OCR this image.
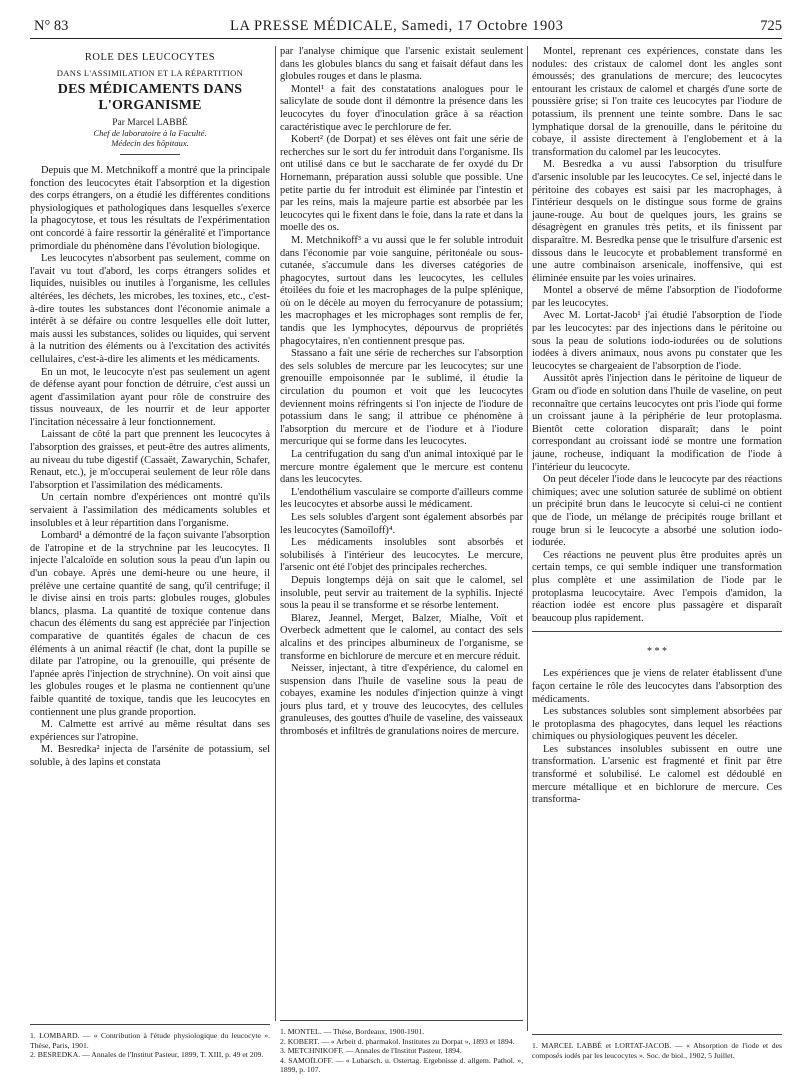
N° 83	LA PRESSE MÉDICALE, Samedi, 17 Octobre 1903	725
ROLE DES LEUCOCYTES
DANS L'ASSIMILATION ET LA RÉPARTITION
DES MÉDICAMENTS DANS L'ORGANISME
Par Marcel LABBÉ
Chef de laboratoire à la Faculté.
Médecin des hôpitaux.

Depuis que M. Metchnikoff a montré que la principale fonction des leucocytes était l'absorption et la digestion des corps étrangers, on a étudié les différentes conditions physiologiques et pathologiques dans lesquelles s'exerce la phagocytose, et tous les résultats de l'expérimentation ont concordé à faire ressortir la généralité et l'importance primordiale du phénomène dans l'évolution biologique.

Les leucocytes n'absorbent pas seulement, comme on l'avait vu tout d'abord, les corps étrangers solides et liquides, nuisibles ou inutiles à l'organisme, les cellules altérées, les déchets, les microbes, les toxines, etc., c'est-à-dire toutes les substances dont l'économie animale a intérêt à se défaire ou contre lesquelles elle doit lutter, mais aussi les substances, solides ou liquides, qui servent à la nutrition des éléments ou à l'excitation des activités cellulaires, c'est-à-dire les aliments et les médicaments.

En un mot, le leucocyte n'est pas seulement un agent de défense ayant pour fonction de détruire, c'est aussi un agent d'assimilation ayant pour rôle de construire des tissus nouveaux, de les nourrir et de leur apporter l'incitation nécessaire à leur fonctionnement.

Laissant de côté la part que prennent les leucocytes à l'absorption des graisses, et peut-être des autres aliments, au niveau du tube digestif (Cassaët, Zawarychin, Schafer, Renaut, etc.), je m'occuperai seulement de leur rôle dans l'absorption et l'assimilation des médicaments.

Un certain nombre d'expériences ont montré qu'ils servaient à l'assimilation des médicaments solubles et insolubles et à leur répartition dans l'organisme.

Lombard¹ a démontré de la façon suivante l'absorption de l'atropine et de la strychnine par les leucocytes. Il injecte l'alcaloïde en solution sous la peau d'un lapin ou d'un cobaye. Après une demi-heure ou une heure, il prélève une certaine quantité de sang, qu'il centrifuge; il le divise ainsi en trois parts: globules rouges, globules blancs, plasma. La quantité de toxique contenue dans chacun des éléments du sang est appréciée par l'injection comparative de quantités égales de chacun de ces éléments à un animal réactif (le chat, dont la pupille se dilate par l'atropine, ou la grenouille, qui présente de l'apnée après l'injection de strychnine). On voit ainsi que les globules rouges et le plasma ne contiennent qu'une faible quantité de toxique, tandis que les leucocytes en contiennent une plus grande proportion.

M. Calmette est arrivé au même résultat dans ses expériences sur l'atropine.

M. Besredka² injecta de l'arsénite de potassium, sel soluble, à des lapins et constata

par l'analyse chimique que l'arsenic existait seulement dans les globules blancs du sang et faisait défaut dans les globules rouges et dans le plasma.

Montel¹ a fait des constatations analogues pour le salicylate de soude dont il démontre la présence dans les leucocytes du foyer d'inoculation grâce à sa réaction caractéristique avec le perchlorure de fer.

Kobert² (de Dorpat) et ses élèves ont fait une série de recherches sur le sort du fer introduit dans l'organisme. Ils ont utilisé dans ce but le saccharate de fer oxydé du Dr Hornemann, préparation aussi soluble que possible. Une petite partie du fer introduit est éliminée par l'intestin et par les reins, mais la majeure partie est absorbée par les leucocytes qui le fixent dans le foie, dans la rate et dans la moelle des os.

M. Metchnikoff³ a vu aussi que le fer soluble introduit dans l'économie par voie sanguine, péritonéale ou sous-cutanée, s'accumule dans les diverses catégories de phagocytes, surtout dans les leucocytes, les cellules étoilées du foie et les macrophages de la pulpe splénique, où on le décèle au moyen du ferrocyanure de potassium; les macrophages et les microphages sont remplis de fer, tandis que les lymphocytes, dépourvus de propriétés phagocytaires, n'en contiennent presque pas.

Stassano a fait une série de recherches sur l'absorption des sels solubles de mercure par les leucocytes; sur une grenouille empoisonnée par le sublimé, il étudie la circulation du poumon et voit que les leucocytes deviennent moins réfringents si l'on injecte de l'iodure de potassium dans le sang; il attribue ce phénomène à l'absorption du mercure et de l'iodure et à l'iodure mercurique qui se forme dans les leucocytes.

La centrifugation du sang d'un animal intoxiqué par le mercure montre également que le mercure est contenu dans les leucocytes.

L'endothélium vasculaire se comporte d'ailleurs comme les leucocytes et absorbe aussi le médicament.

Les sels solubles d'argent sont également absorbés par les leucocytes (Samoïloff)⁴.

Les médicaments insolubles sont absorbés et solubilisés à l'intérieur des leucocytes. Le mercure, l'arsenic ont été l'objet des principales recherches.

Depuis longtemps déjà on sait que le calomel, sel insoluble, peut servir au traitement de la syphilis. Injecté sous la peau il se transforme et se résorbe lentement.

Blarez, Jeannel, Merget, Balzer, Mialhe, Voït et Overbeck admettent que le calomel, au contact des sels alcalins et des principes albumineux de l'organisme, se transforme en bichlorure de mercure et en mercure réduit.

Neisser, injectant, à titre d'expérience, du calomel en suspension dans l'huile de vaseline sous la peau de cobayes, examine les nodules d'injection quinze à vingt jours plus tard, et y trouve des leucocytes, des cellules granuleuses, des gouttes d'huile de vaseline, des vaisseaux thrombosés et infiltrés de granulations noires de mercure.

Montel, reprenant ces expériences, constate dans les nodules: des cristaux de calomel dont les angles sont émoussés; des granulations de mercure; des leucocytes entourant les cristaux de calomel et chargés d'une sorte de poussière grise; si l'on traite ces leucocytes par l'iodure de potassium, ils prennent une teinte sombre. Dans le sac lymphatique dorsal de la grenouille, dans le péritoine du cobaye, il assiste directement à l'englobement et à la transformation du calomel par les leucocytes.

M. Besredka a vu aussi l'absorption du trisulfure d'arsenic insoluble par les leucocytes. Ce sel, injecté dans le péritoine des cobayes est saisi par les macrophages, à l'intérieur desquels on le distingue sous forme de grains jaune-rouge. Au bout de quelques jours, les grains se désagrègent en granules très petits, et ils finissent par disparaître. M. Besredka pense que le trisulfure d'arsenic est dissous dans le leucocyte et probablement transformé en une autre combinaison arsenicale, inoffensive, qui est éliminée ensuite par les voies urinaires.

Montel a observé de même l'absorption de l'iodoforme par les leucocytes.

Avec M. Lortat-Jacob¹ j'ai étudié l'absorption de l'iode par les leucocytes: par des injections dans le péritoine ou sous la peau de solutions iodo-iodurées ou de solutions iodées à divers animaux, nous avons pu constater que les leucocytes se chargeaient de l'absorption de l'iode.

Aussitôt après l'injection dans le péritoine de liqueur de Gram ou d'iode en solution dans l'huile de vaseline, on peut reconnaître que certains leucocytes ont pris l'iode qui forme un croissant jaune à la périphérie de leur protoplasma. Bientôt cette coloration disparaît; dans le point correspondant au croissant iodé se montre une formation jaune, rocheuse, indiquant la modification de l'iode à l'intérieur du leucocyte.

On peut déceler l'iode dans le leucocyte par des réactions chimiques; avec une solution saturée de sublimé on obtient un précipité brun dans le leucocyte si celui-ci ne contient que de l'iode, un mélange de précipités rouge brillant et rouge brun si le leucocyte a absorbé une solution iodo-iodurée.

Ces réactions ne peuvent plus être produites après un certain temps, ce qui semble indiquer une transformation plus complète et une assimilation de l'iode par le protoplasma leucocytaire. Avec l'empois d'amidon, la réaction iodée est encore plus passagère et disparaît beaucoup plus rapidement.

* * *

Les expériences que je viens de relater établissent d'une façon certaine le rôle des leucocytes dans l'absorption des médicaments.

Les substances solubles sont simplement absorbées par le protoplasma des phagocytes, dans lequel les réactions chimiques ou physiologiques peuvent les déceler.

Les substances insolubles subissent en outre une transformation. L'arsenic est fragmenté et finit par être transformé et solubilisé. Le calomel est dédoublé en mercure métallique et en bichlorure de mercure. Ces transforma-

1. LOMBARD. — « Contribution à l'étude physiologique du leucocyte ». Thèse, Paris, 1901.
2. BESREDKA. — Annales de l'Institut Pasteur, 1899, T. XIII, p. 49 et 209.
1. MONTEL. — Thèse, Bordeaux, 1900-1901.
2. KOBERT. — « Arbeit d. pharmakol. Institutes zu Dorpat », 1893 et 1894.
3. METCHNIKOFF. — Annales de l'Institut Pasteur, 1894.
4. SAMOÏLOFF. — « Lubarsch. u. Ostertag. Ergebnisse d. allgem. Pathol. », 1899, p. 107.
1. MARCEL LABBÉ et LORTAT-JACOB. — « Absorption de l'iode et des composés iodés par les leucocytes ». Soc. de biol., 1902, 5 Juillet.
